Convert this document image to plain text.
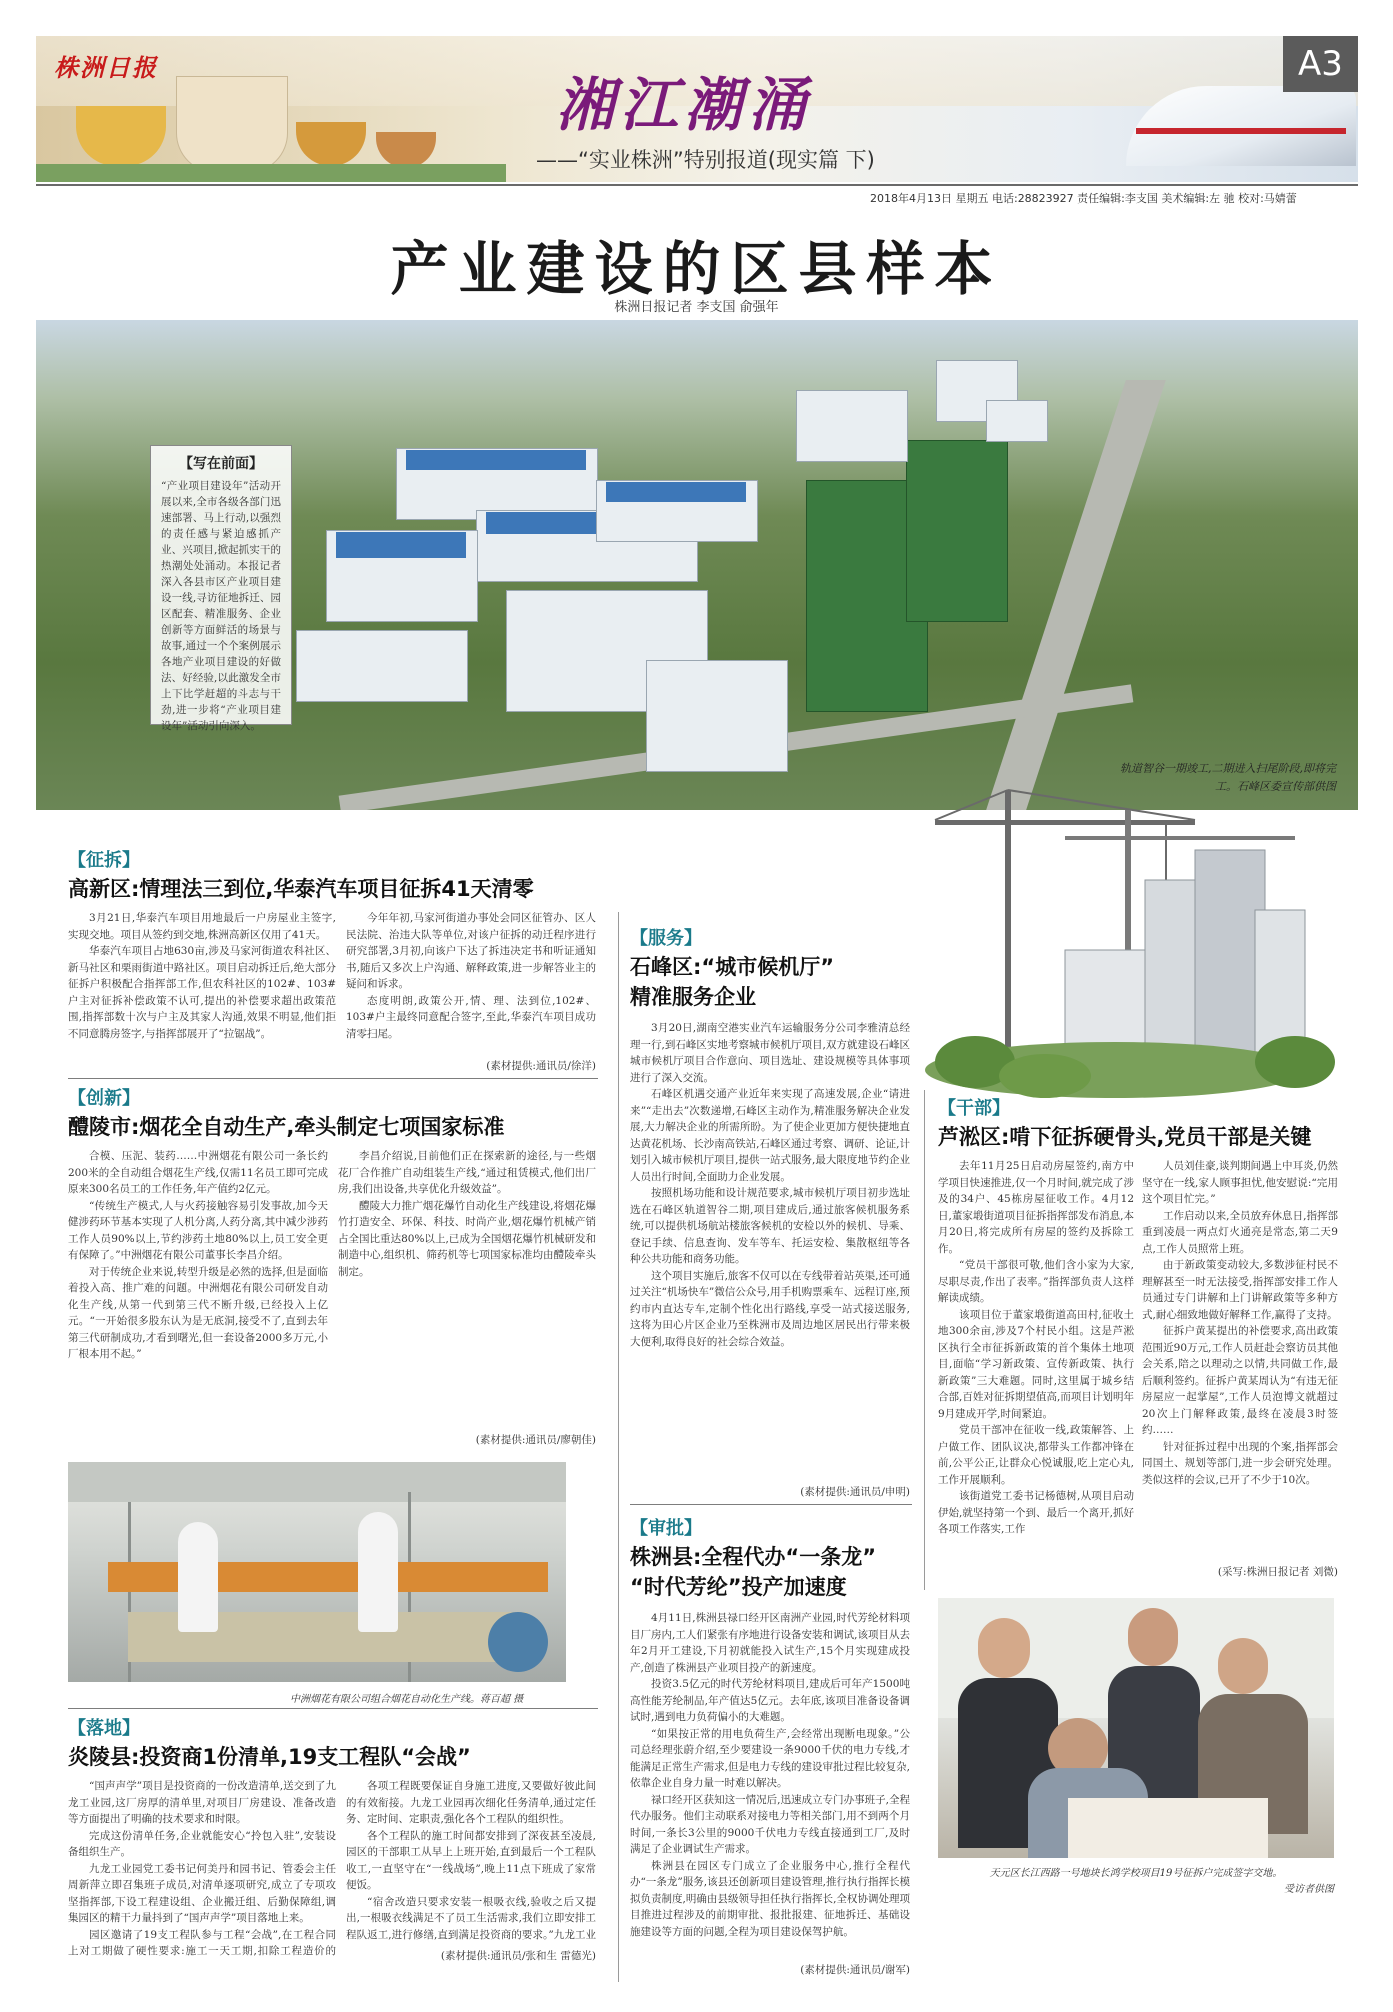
株洲日报
湘江潮涌
——“实业株洲”特别报道(现实篇 下)
A3
2018年4月13日 星期五 电话:28823927 责任编辑:李支国 美术编辑:左 驰 校对:马婧蕾
产业建设的区县样本
株洲日报记者 李支国 俞强年
轨道智谷一期竣工,二期进入扫尾阶段,即将完工。石峰区委宣传部供图
【写在前面】
“产业项目建设年”活动开展以来,全市各级各部门迅速部署、马上行动,以强烈的责任感与紧迫感抓产业、兴项目,掀起抓实干的热潮处处涌动。本报记者深入各县市区产业项目建设一线,寻访征地拆迁、园区配套、精准服务、企业创新等方面鲜活的场景与故事,通过一个个案例展示各地产业项目建设的好做法、好经验,以此激发全市上下比学赶超的斗志与干劲,进一步将“产业项目建设年”活动引向深入。
【征拆】
高新区:情理法三到位,华泰汽车项目征拆41天清零

3月21日,华泰汽车项目用地最后一户房屋业主签字,实现交地。项目从签约到交地,株洲高新区仅用了41天。

华泰汽车项目占地630亩,涉及马家河街道农科社区、新马社区和栗雨街道中路社区。项目启动拆迁后,绝大部分征拆户积极配合指挥部工作,但农科社区的102#、103#户主对征拆补偿政策不认可,提出的补偿要求超出政策范围,指挥部数十次与户主及其家人沟通,效果不明显,他们拒不同意腾房签字,与指挥部展开了“拉锯战”。

今年年初,马家河街道办事处会同区征管办、区人民法院、治违大队等单位,对该户征拆的动迁程序进行研究部署,3月初,向该户下达了拆违决定书和听证通知书,随后又多次上户沟通、解释政策,进一步解答业主的疑问和诉求。

态度明朗,政策公开,情、理、法到位,102#、103#户主最终同意配合签字,至此,华泰汽车项目成功清零扫尾。

(素材提供:通讯员/徐洋)
【创新】
醴陵市:烟花全自动生产,牵头制定七项国家标准

合模、压泥、装药……中洲烟花有限公司一条长约200米的全自动组合烟花生产线,仅需11名员工即可完成原来300名员工的工作任务,年产值约2亿元。

“传统生产模式,人与火药接触容易引发事故,加今天健涉药环节基本实现了人机分离,人药分离,其中减少涉药工作人员90%以上,节约涉药土地80%以上,员工安全更有保障了。”中洲烟花有限公司董事长李昌介绍。

对于传统企业来说,转型升级是必然的选择,但是面临着投入高、推广难的问题。中洲烟花有限公司研发自动化生产线,从第一代到第三代不断升级,已经投入上亿元。“一开始很多股东认为是无底洞,接受不了,直到去年第三代研制成功,才看到曙光,但一套设备2000多万元,小厂根本用不起。”

李昌介绍说,目前他们正在探索新的途径,与一些烟花厂合作推广自动组装生产线,“通过租赁模式,他们出厂房,我们出设备,共享优化升级效益”。

醴陵大力推广烟花爆竹自动化生产线建设,将烟花爆竹打造安全、环保、科技、时尚产业,烟花爆竹机械产销占全国比重达80%以上,已成为全国烟花爆竹机械研发和制造中心,组织机、筛药机等七项国家标准均由醴陵牵头制定。

(素材提供:通讯员/廖朝佳)
中洲烟花有限公司组合烟花自动化生产线。蒋百超 摄
【落地】
炎陵县:投资商1份清单,19支工程队“会战”

“国声声学”项目是投资商的一份改造清单,送交到了九龙工业园,这厂房厚的清单里,对项目厂房建设、准备改造等方面提出了明确的技术要求和时限。

完成这份清单任务,企业就能安心“拎包入驻”,安装设备组织生产。

九龙工业园党工委书记何美丹和园书记、管委会主任周新萍立即召集班子成员,对清单逐项研究,成立了专项攻坚指挥部,下设工程建设组、企业搬迁组、后勤保障组,调集园区的精干力量抖到了“国声声学”项目落地上来。

园区邀请了19支工程队参与工程“会战”,在工程合同上对工期做了硬性要求:施工一天工期,扣除工程造价的

各项工程既要保证自身施工进度,又要做好彼此间的有效衔接。九龙工业园再次细化任务清单,通过定任务、定时间、定职责,强化各个工程队的组织性。

各个工程队的施工时间都安排到了深夜甚至凌晨,园区的干部职工从早上上班开始,直到最后一个工程队收工,一直坚守在“一线战场”,晚上11点下班成了家常便饭。

“宿舍改造只要求安装一根吸衣线,验收之后又提出,一根吸衣线满足不了员工生活需求,我们立即安排工程队返工,进行修缮,直到满足投资商的要求。”九龙工业

(素材提供:通讯员/张和生 雷德光)
【服务】
石峰区:“城市候机厅”
精准服务企业

3月20日,湖南空港实业汽车运输服务分公司李雅清总经理一行,到石峰区实地考察城市候机厅项目,双方就建设石峰区城市候机厅项目合作意向、项目选址、建设规模等具体事项进行了深入交流。

石峰区机遇交通产业近年来实现了高速发展,企业“请进来”“走出去”次数递增,石峰区主动作为,精准服务解决企业发展,大力解决企业的所需所盼。为了使企业更加方便快捷地直达黄花机场、长沙南高铁站,石峰区通过考察、调研、论证,计划引入城市候机厅项目,提供一站式服务,最大限度地节约企业人员出行时间,全面助力企业发展。

按照机场功能和设计规范要求,城市候机厅项目初步选址选在石峰区轨道智谷二期,项目建成后,通过旅客候机服务系统,可以提供机场航站楼旅客候机的安检以外的候机、导乘、登记手续、信息查询、发车等车、托运安检、集散枢纽等各种公共功能和商务功能。

这个项目实施后,旅客不仅可以在专线带着站英渠,还可通过关注“机场快车”微信公众号,用手机购票乘车、远程订座,预约市内直达专车,定制个性化出行路线,享受一站式接送服务,这将为田心片区企业乃至株洲市及周边地区居民出行带来极大便利,取得良好的社会综合效益。

(素材提供:通讯员/申明)
【审批】
株洲县:全程代办“一条龙”
“时代芳纶”投产加速度

4月11日,株洲县禄口经开区南洲产业园,时代芳纶材料项目厂房内,工人们紧张有序地进行设备安装和调试,该项目从去年2月开工建设,下月初就能投入试生产,15个月实现建成投产,创造了株洲县产业项目投产的新速度。

投资3.5亿元的时代芳纶材料项目,建成后可年产1500吨高性能芳纶制品,年产值达5亿元。去年底,该项目准备设备调试时,遇到电力负荷偏小的大难题。

“如果按正常的用电负荷生产,会经常出现断电现象。”公司总经理张蔚介绍,至少要建设一条9000千伏的电力专线,才能满足正常生产需求,但是电力专线的建设审批过程比较复杂,依靠企业自身力量一时难以解决。

禄口经开区获知这一情况后,迅速成立专门办事班子,全程代办服务。他们主动联系对接电力等相关部门,用不到两个月时间,一条长3公里的9000千伏电力专线直接通到工厂,及时满足了企业调试生产需求。

株洲县在园区专门成立了企业服务中心,推行全程代办“一条龙”服务,该县还创新项目建设管理,推行执行指挥长模拟负责制度,明确由县级领导担任执行指挥长,全权协调处理项目推进过程涉及的前期审批、报批报建、征地拆迁、基础设施建设等方面的问题,全程为项目建设保驾护航。

(素材提供:通讯员/谢军)
【干部】
芦淞区:啃下征拆硬骨头,党员干部是关键

去年11月25日启动房屋签约,南方中学项目快速推进,仅一个月时间,就完成了涉及的34户、45栋房屋征收工作。4月12日,董家塅街道项目征拆指挥部发布消息,本月20日,将完成所有房屋的签约及拆除工作。

“党员干部很可敬,他们含小家为大家,尽职尽责,作出了表率。”指挥部负责人这样解读成绩。

该项目位于董家塅街道高田村,征收土地300余亩,涉及7个村民小组。这是芦淞区执行全市征拆新政策的首个集体土地项目,面临“学习新政策、宣传新政策、执行新政策”三大难题。同时,这里属于城乡结合部,百姓对征拆期望值高,而项目计划明年9月建成开学,时间紧迫。

党员干部冲在征收一线,政策解答、上户做工作、团队议决,都带头工作都冲锋在前,公平公正,让群众心悦诚服,吃上定心丸,工作开展顺利。

该街道党工委书记杨德树,从项目启动伊始,就坚持第一个到、最后一个离开,抓好各项工作落实,工作

人员刘佳豪,谈判期间遇上中耳炎,仍然坚守在一线,家人顾事担忧,他安慰说:“完用这个项目忙完。”

工作启动以来,全员放弃休息日,指挥部重到凌晨一两点灯火通亮是常态,第二天9点,工作人员照常上班。

由于新政策变动较大,多数涉征村民不理解甚至一时无法接受,指挥部安排工作人员通过专门讲解和上门讲解政策等多种方式,耐心细致地做好解释工作,赢得了支持。

征拆户黄某提出的补偿要求,高出政策范围近90万元,工作人员赶赴会察访员其他会关系,陪之以理动之以情,共同做工作,最后顺利签约。征拆户黄某周认为“有违无征房屋应一起掌屋”,工作人员泡博文就超过20次上门解释政策,最终在凌晨3时签约……

针对征拆过程中出现的个案,指挥部会同国土、规划等部门,进一步会研究处理。类似这样的会议,已开了不少于10次。

(采写:株洲日报记者 刘微)
天元区长江西路一号地块长鸿学校项目19号征拆户完成签字交地。
受访者供图
